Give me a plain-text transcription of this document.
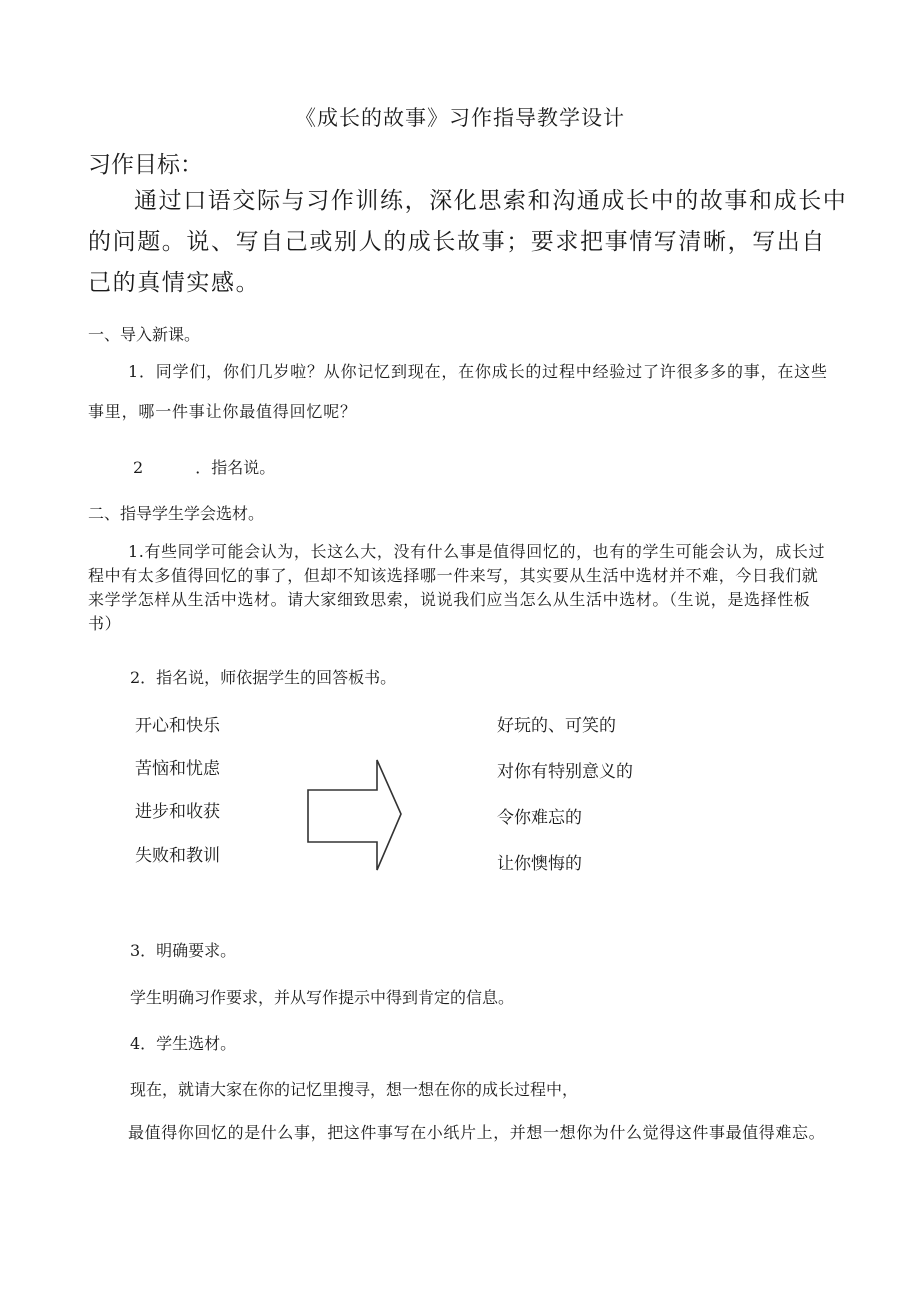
《成长的故事》习作指导教学设计
习作目标：

通过口语交际与习作训练，深化思索和沟通成长中的故事和成长中的问题。说、写自己或别人的成长故事；要求把事情写清晰，写出自己的真情实感。

一、导入新课。

1．同学们，你们几岁啦？从你记忆到现在，在你成长的过程中经验过了许很多多的事，在这些事里，哪一件事让你最值得回忆呢？

2	．指名说。
二、指导学生学会选材。

1.有些同学可能会认为，长这么大，没有什么事是值得回忆的，也有的学生可能会认为，成长过程中有太多值得回忆的事了，但却不知该选择哪一件来写，其实要从生活中选材并不难，今日我们就来学学怎样从生活中选材。请大家细致思索，说说我们应当怎么从生活中选材。（生说，是选择性板书）

2．指名说，师依据学生的回答板书。
开心和快乐
苦恼和忧虑
进步和收获
失败和教训
好玩的、可笑的
对你有特别意义的
令你难忘的
让你懊悔的
3．明确要求。
学生明确习作要求，并从写作提示中得到肯定的信息。
4．学生选材。
现在，就请大家在你的记忆里搜寻，想一想在你的成长过程中，

最值得你回忆的是什么事，把这件事写在小纸片上，并想一想你为什么觉得这件事最值得难忘。
